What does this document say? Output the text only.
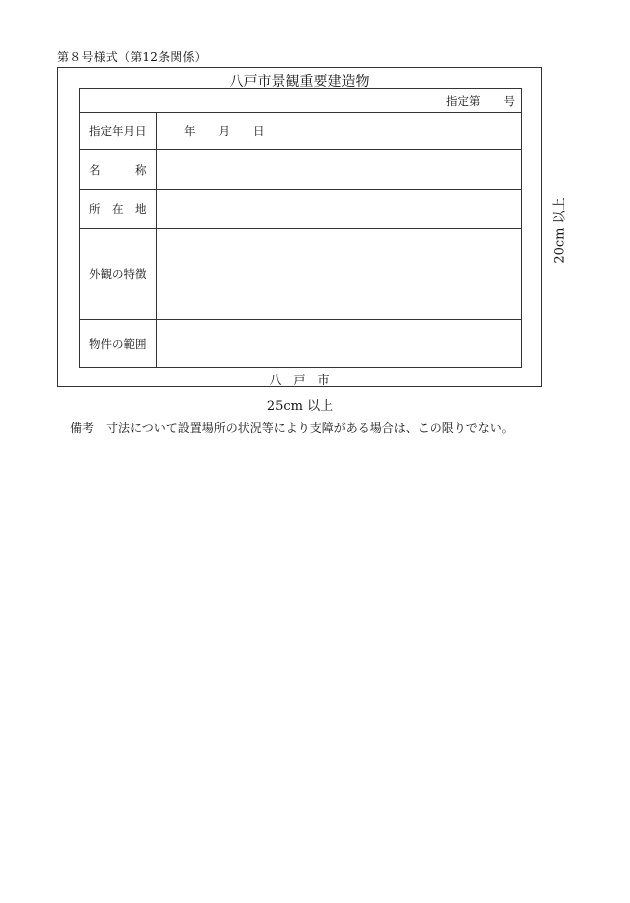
第８号様式（第12条関係）
八戸市景観重要建造物
指定第　　号
指定年月日	年　　月　　日
名　　　称
所　在　地
外観の特徴
物件の範囲
八　戸　市
20cm 以上
25cm 以上
備考　寸法について設置場所の状況等により支障がある場合は、この限りでない。
